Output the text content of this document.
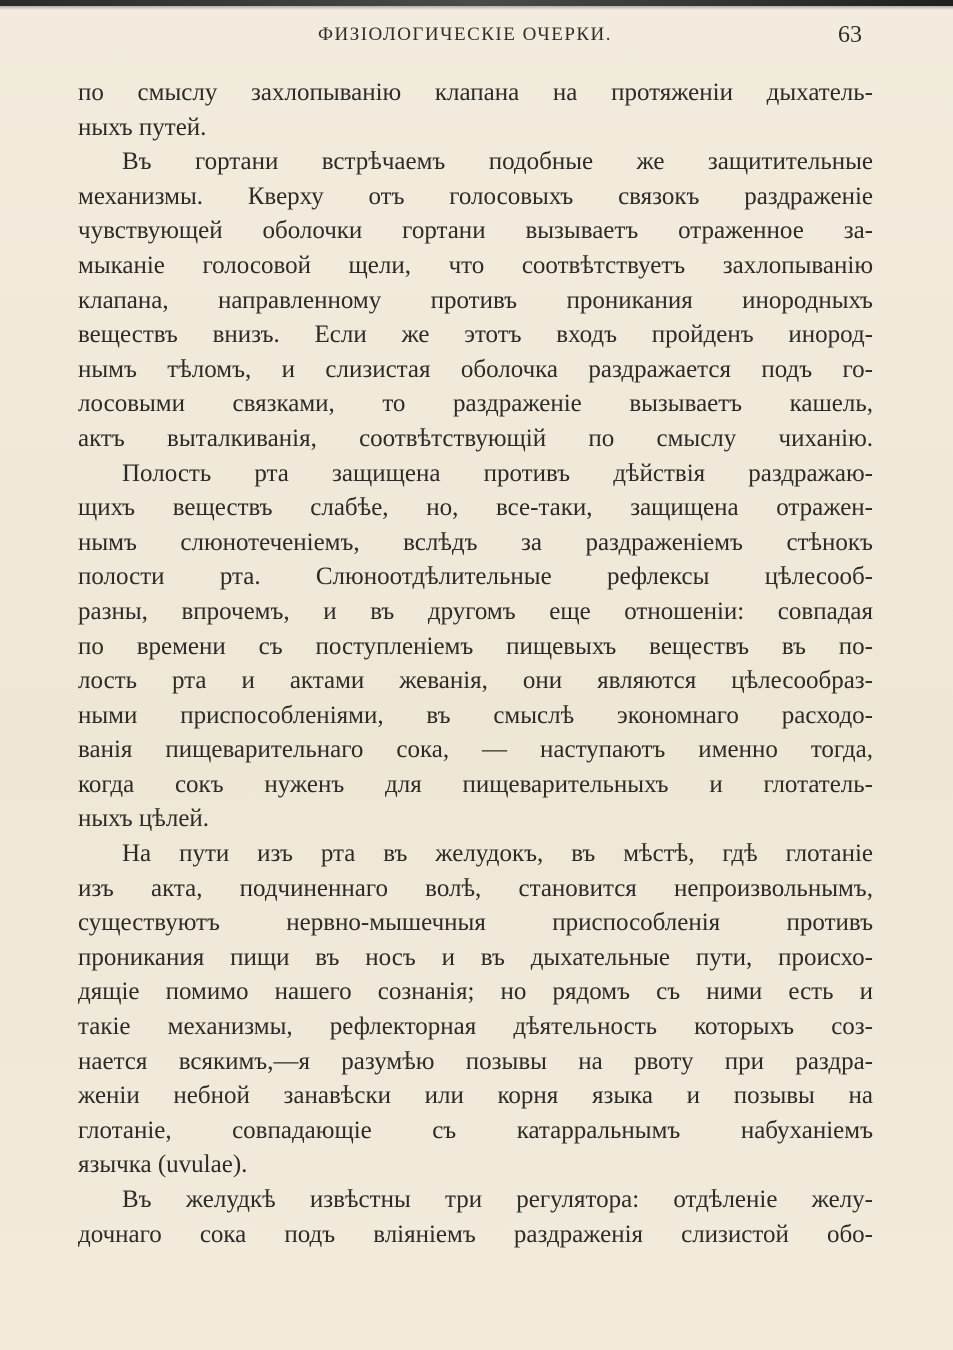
ФИЗІОЛОГИЧЕСКІЕ ОЧЕРКИ.	63
по смыслу захлопыванію клапана на протяженіи дыхатель-
ныхъ путей.
Въ гортани встрѣчаемъ подобные же защитительные
механизмы. Кверху отъ голосовыхъ связокъ раздраженіе
чувствующей оболочки гортани вызываетъ отраженное за-
мыканіе голосовой щели, что соотвѣтствуетъ захлопыванію
клапана, направленному противъ проникания инородныхъ
веществъ внизъ. Если же этотъ входъ пройденъ инород-
нымъ тѣломъ, и слизистая оболочка раздражается подъ го-
лосовыми связками, то раздраженіе вызываетъ кашель,
актъ выталкиванія, соотвѣтствующій по смыслу чиханію.
Полость рта защищена противъ дѣйствія раздражаю-
щихъ веществъ слабѣе, но, все-таки, защищена отражен-
нымъ слюнотеченіемъ, вслѣдъ за раздраженіемъ стѣнокъ
полости рта. Слюноотдѣлительные рефлексы цѣлесооб-
разны, впрочемъ, и въ другомъ еще отношеніи: совпадая
по времени съ поступленіемъ пищевыхъ веществъ въ по-
лость рта и актами жеванія, они являются цѣлесообраз-
ными приспособленіями, въ смыслѣ экономнаго расходо-
ванія пищеварительнаго сока, — наступаютъ именно тогда,
когда сокъ нуженъ для пищеварительныхъ и глотатель-
ныхъ цѣлей.
На пути изъ рта въ желудокъ, въ мѣстѣ, гдѣ глотаніе
изъ акта, подчиненнаго волѣ, становится непроизвольнымъ,
существуютъ нервно-мышечныя приспособленія противъ
проникания пищи въ носъ и въ дыхательные пути, происхо-
дящіе помимо нашего сознанія; но рядомъ съ ними есть и
такіе механизмы, рефлекторная дѣятельность которыхъ соз-
нается всякимъ,—я разумѣю позывы на рвоту при раздра-
женіи небной занавѣски или корня языка и позывы на
глотаніе, совпадающіе съ катарральнымъ набуханіемъ
язычка (uvulae).
Въ желудкѣ извѣстны три регулятора: отдѣленіе желу-
дочнаго сока подъ вліяніемъ раздраженія слизистой обо-
